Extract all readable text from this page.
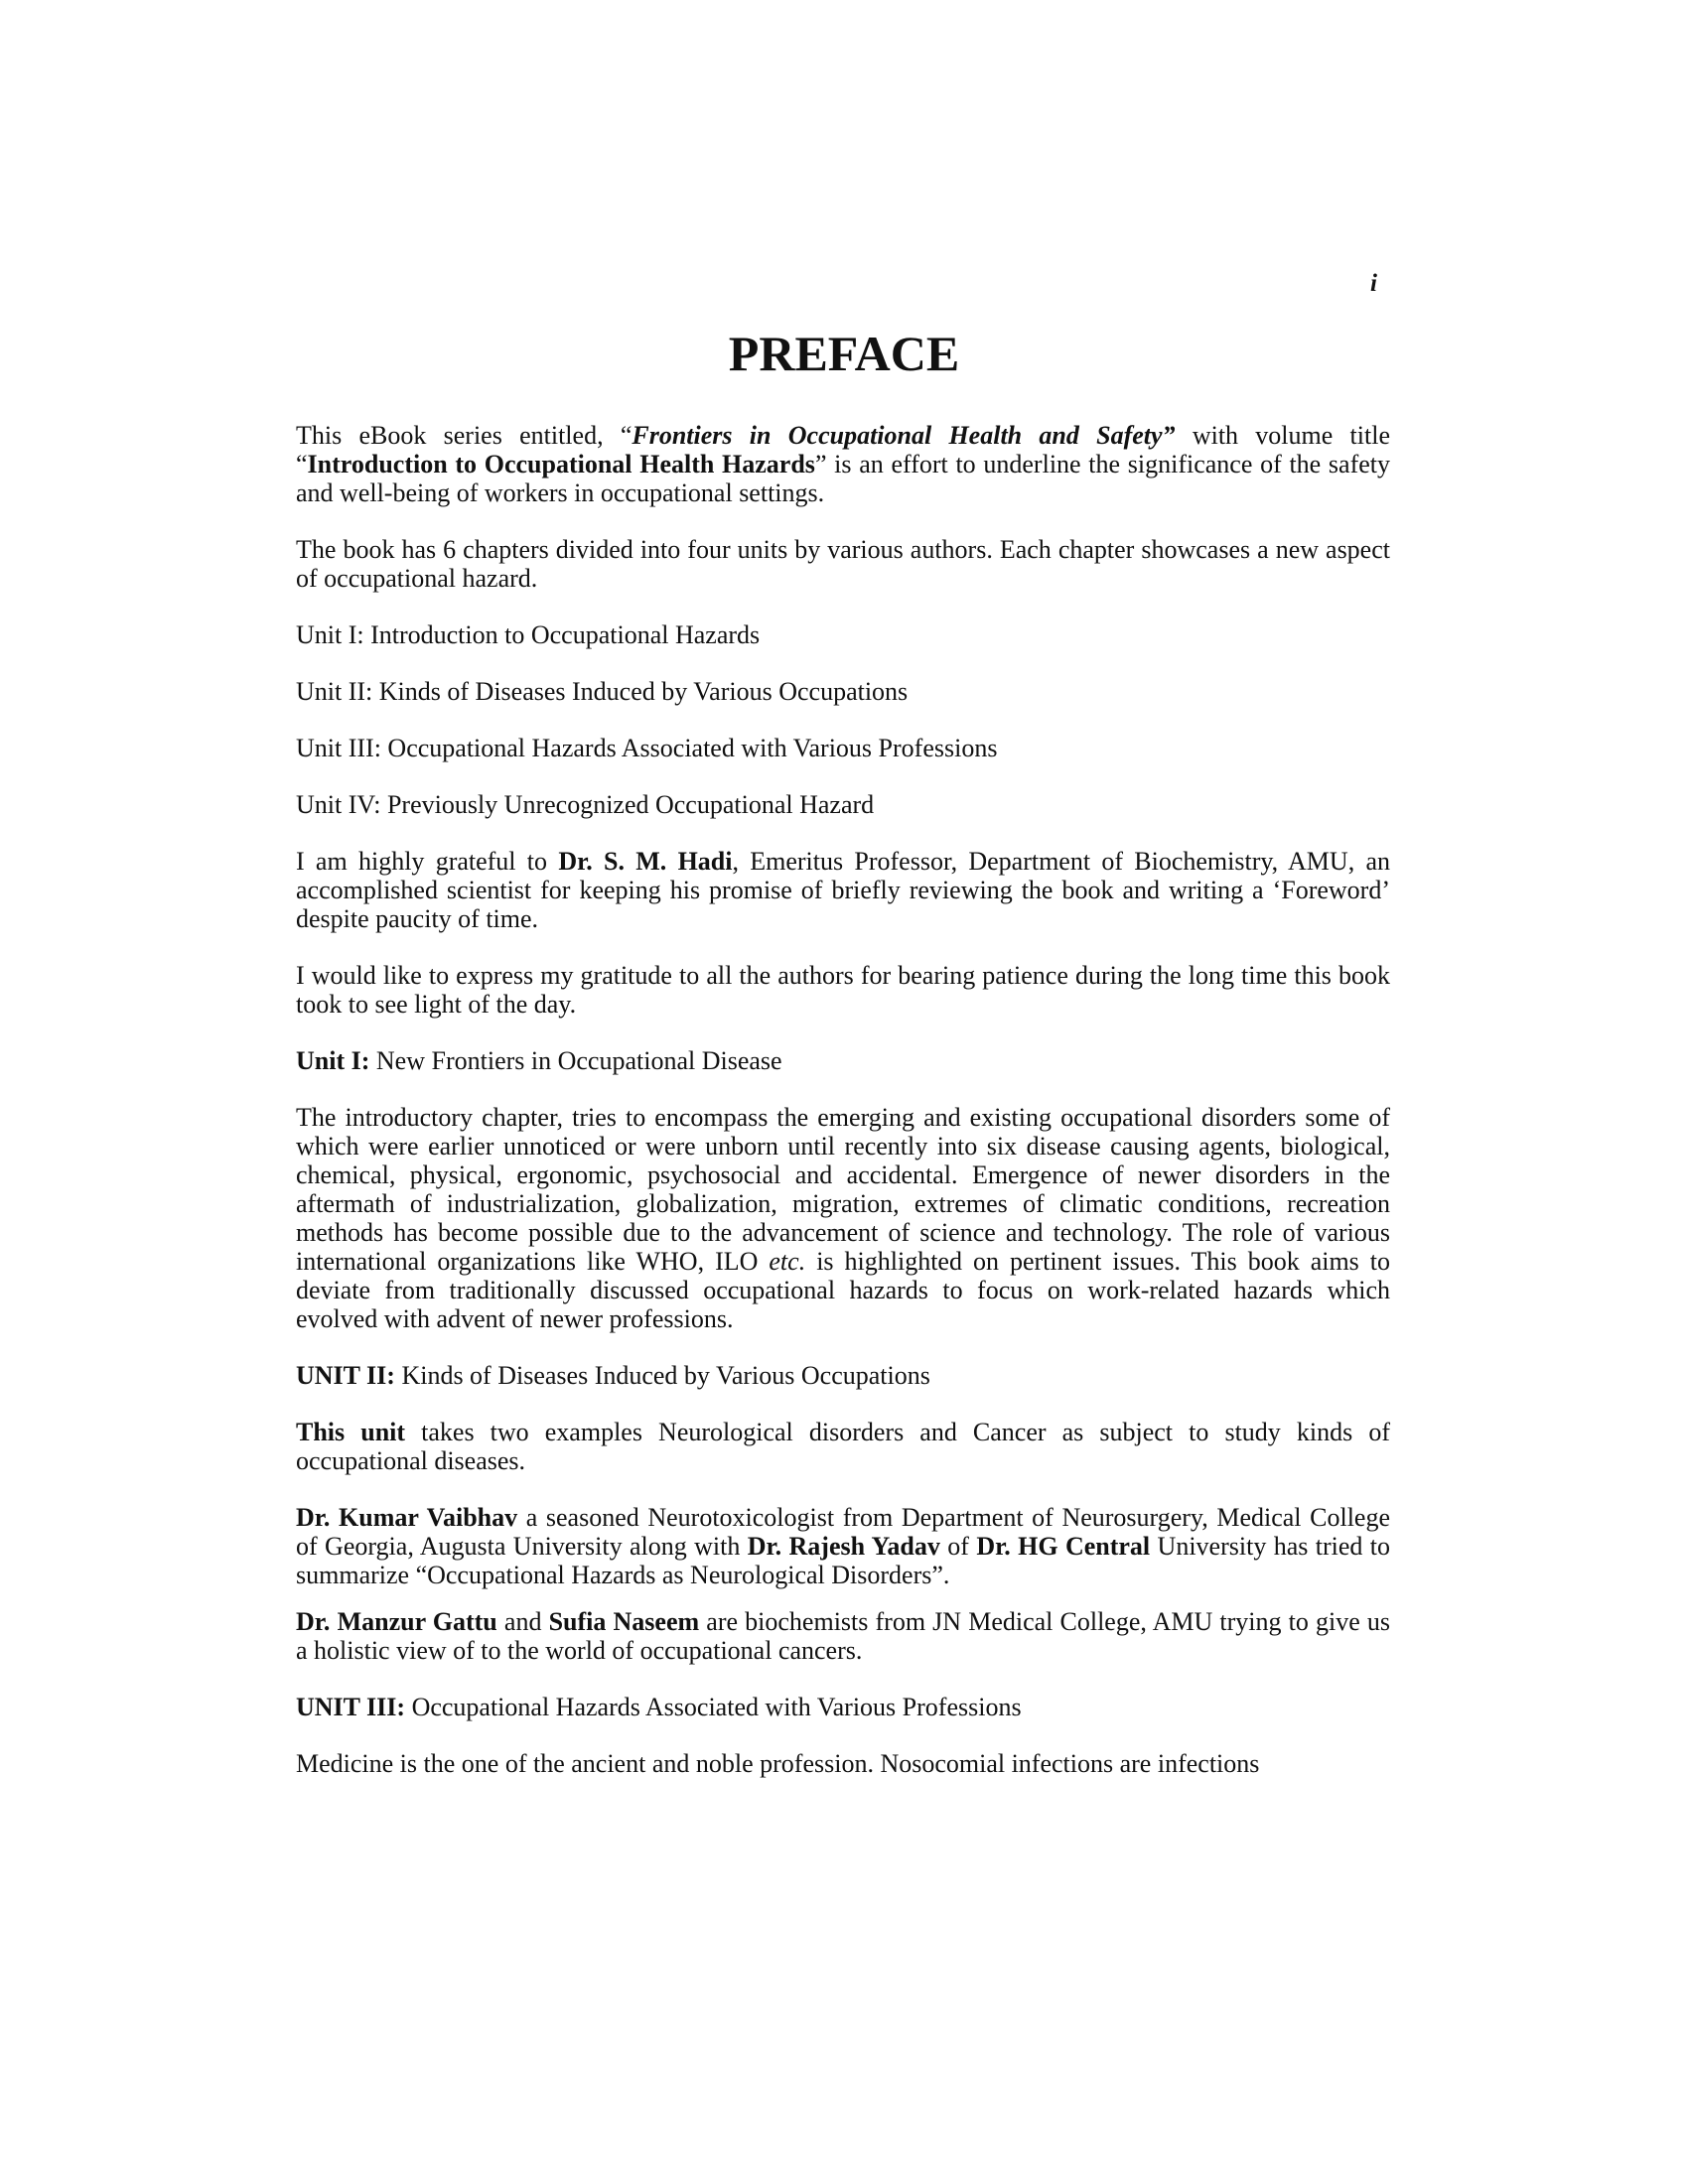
i
PREFACE

This eBook series entitled, “Frontiers in Occupational Health and Safety” with volume title “Introduction to Occupational Health Hazards” is an effort to underline the significance of the safety and well-being of workers in occupational settings.

The book has 6 chapters divided into four units by various authors. Each chapter showcases a new aspect of occupational hazard.

Unit I: Introduction to Occupational Hazards

Unit II: Kinds of Diseases Induced by Various Occupations

Unit III: Occupational Hazards Associated with Various Professions

Unit IV: Previously Unrecognized Occupational Hazard

I am highly grateful to Dr. S. M. Hadi, Emeritus Professor, Department of Biochemistry, AMU, an accomplished scientist for keeping his promise of briefly reviewing the book and writing a ‘Foreword’ despite paucity of time.

I would like to express my gratitude to all the authors for bearing patience during the long time this book took to see light of the day.

Unit I: New Frontiers in Occupational Disease

The introductory chapter, tries to encompass the emerging and existing occupational disorders some of which were earlier unnoticed or were unborn until recently into six disease causing agents, biological, chemical, physical, ergonomic, psychosocial and accidental. Emergence of newer disorders in the aftermath of industrialization, globalization, migration, extremes of climatic conditions, recreation methods has become possible due to the advancement of science and technology. The role of various international organizations like WHO, ILO etc. is highlighted on pertinent issues. This book aims to deviate from traditionally discussed occupational hazards to focus on work-related hazards which evolved with advent of newer professions.

UNIT II: Kinds of Diseases Induced by Various Occupations

This unit takes two examples Neurological disorders and Cancer as subject to study kinds of occupational diseases.

Dr. Kumar Vaibhav a seasoned Neurotoxicologist from Department of Neurosurgery, Medical College of Georgia, Augusta University along with Dr. Rajesh Yadav of Dr. HG Central University has tried to summarize “Occupational Hazards as Neurological Disorders”.

Dr. Manzur Gattu and Sufia Naseem are biochemists from JN Medical College, AMU trying to give us a holistic view of to the world of occupational cancers.

UNIT III: Occupational Hazards Associated with Various Professions

Medicine is the one of the ancient and noble profession. Nosocomial infections are infections
